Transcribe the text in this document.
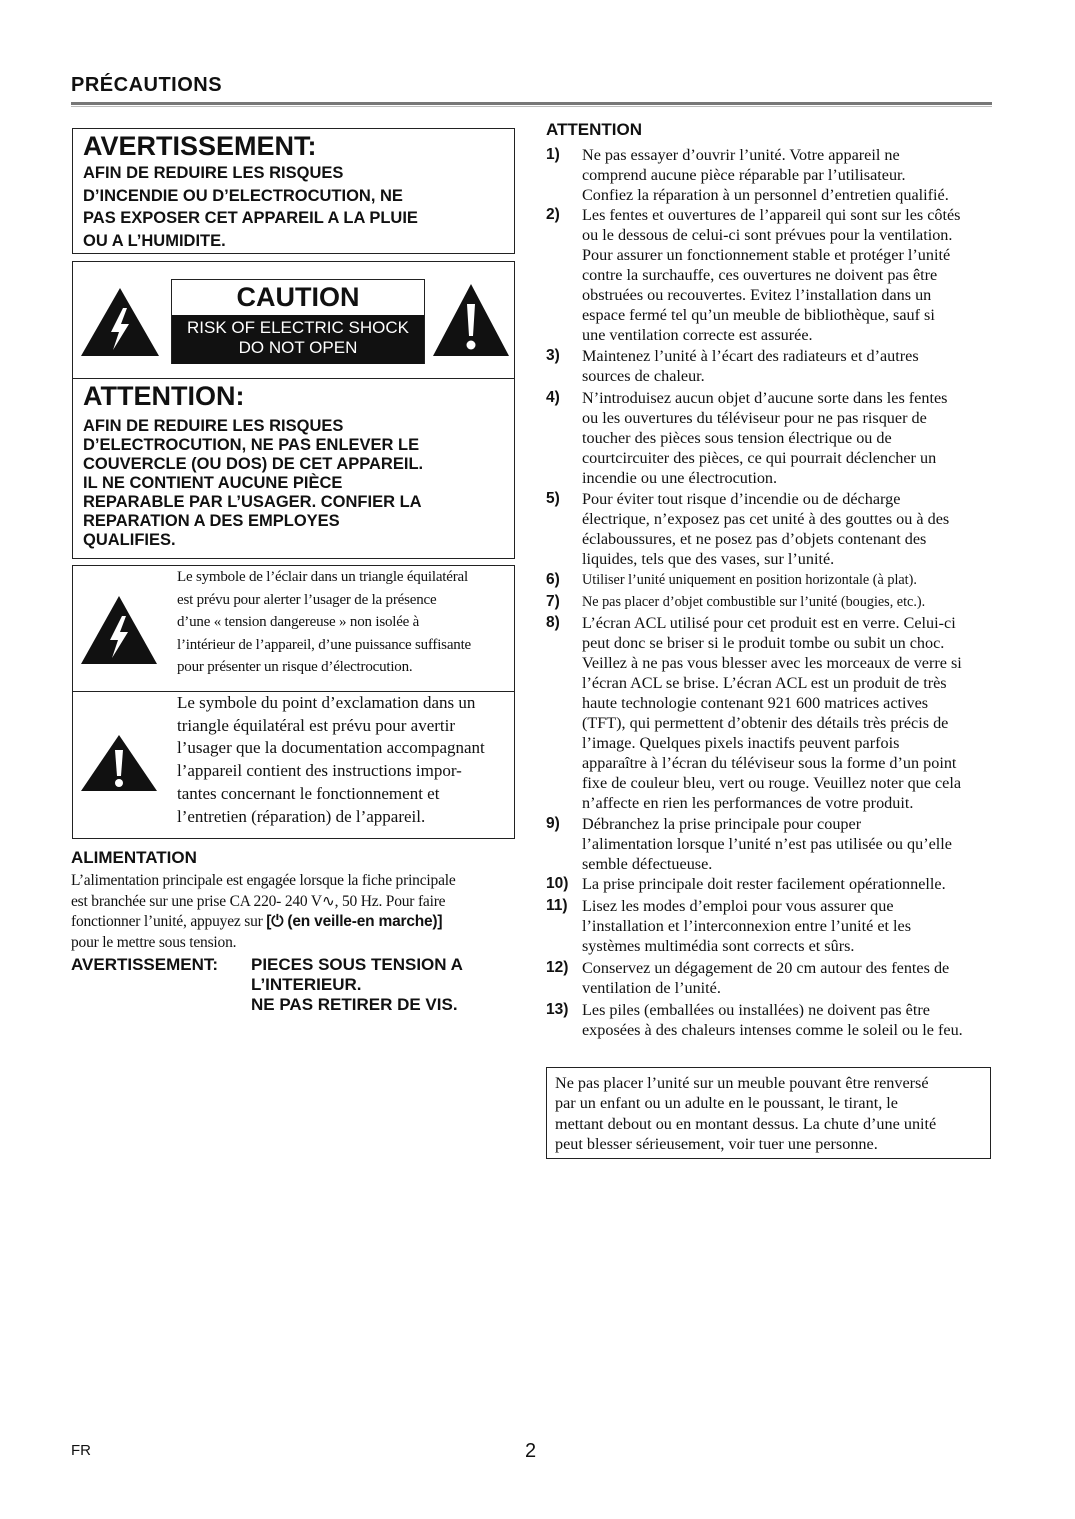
PRÉCAUTIONS
AVERTISSEMENT:
AFIN DE REDUIRE LES RISQUES
D’INCENDIE OU D’ELECTROCUTION, NE
PAS EXPOSER CET APPAREIL A LA PLUIE
OU A L’HUMIDITE.
CAUTION
RISK OF ELECTRIC SHOCK
DO NOT OPEN
ATTENTION:
AFIN DE REDUIRE LES RISQUES
D’ELECTROCUTION, NE PAS ENLEVER LE
COUVERCLE (OU DOS) DE CET APPAREIL.
IL NE CONTIENT AUCUNE PIÈCE
REPARABLE PAR L’USAGER. CONFIER LA
REPARATION A DES EMPLOYES
QUALIFIES.
Le symbole de l’éclair dans un triangle équilatéral
est prévu pour alerter l’usager de la présence
d’une « tension dangereuse » non isolée à
l’intérieur de l’appareil, d’une puissance suffisante
pour présenter un risque d’électrocution.
Le symbole du point d’exclamation dans un
triangle équilatéral est prévu pour avertir
l’usager que la documentation accompagnant
l’appareil contient des instructions impor-
tantes concernant le fonctionnement et
l’entretien (réparation) de l’appareil.
ALIMENTATION
L’alimentation principale est engagée lorsque la fiche principale
est branchée sur une prise CA 220- 240 V∿, 50 Hz. Pour faire
fonctionner l’unité, appuyez sur [⏻ (en veille-en marche)]
pour le mettre sous tension.
AVERTISSEMENT: PIECES SOUS TENSION A
L’INTERIEUR.
NE PAS RETIRER DE VIS.
ATTENTION
1) Ne pas essayer d’ouvrir l’unité. Votre appareil ne
comprend aucune pièce réparable par l’utilisateur.
Confiez la réparation à un personnel d’entretien qualifié.
2) Les fentes et ouvertures de l’appareil qui sont sur les côtés
ou le dessous de celui-ci sont prévues pour la ventilation.
Pour assurer un fonctionnement stable et protéger l’unité
contre la surchauffe, ces ouvertures ne doivent pas être
obstruées ou recouvertes. Evitez l’installation dans un
espace fermé tel qu’un meuble de bibliothèque, sauf si
une ventilation correcte est assurée.
3) Maintenez l’unité à l’écart des radiateurs et d’autres
sources de chaleur.
4) N’introduisez aucun objet d’aucune sorte dans les fentes
ou les ouvertures du téléviseur pour ne pas risquer de
toucher des pièces sous tension électrique ou de
courtcircuiter des pièces, ce qui pourrait déclencher un
incendie ou une électrocution.
5) Pour éviter tout risque d’incendie ou de décharge
électrique, n’exposez pas cet unité à des gouttes ou à des
éclaboussures, et ne posez pas d’objets contenant des
liquides, tels que des vases, sur l’unité.
6) Utiliser l’unité uniquement en position horizontale (à plat).
7) Ne pas placer d’objet combustible sur l’unité (bougies, etc.).
8) L’écran ACL utilisé pour cet produit est en verre. Celui-ci
peut donc se briser si le produit tombe ou subit un choc.
Veillez à ne pas vous blesser avec les morceaux de verre si
l’écran ACL se brise. L’écran ACL est un produit de très
haute technologie contenant 921 600 matrices actives
(TFT), qui permettent d’obtenir des détails très précis de
l’image. Quelques pixels inactifs peuvent parfois
apparaître à l’écran du téléviseur sous la forme d’un point
fixe de couleur bleu, vert ou rouge. Veuillez noter que cela
n’affecte en rien les performances de votre produit.
9) Débranchez la prise principale pour couper
l’alimentation lorsque l’unité n’est pas utilisée ou qu’elle
semble défectueuse.
10) La prise principale doit rester facilement opérationnelle.
11) Lisez les modes d’emploi pour vous assurer que
l’installation et l’interconnexion entre l’unité et les
systèmes multimédia sont corrects et sûrs.
12) Conservez un dégagement de 20 cm autour des fentes de
ventilation de l’unité.
13) Les piles (emballées ou installées) ne doivent pas être
exposées à des chaleurs intenses comme le soleil ou le feu.
Ne pas placer l’unité sur un meuble pouvant être renversé
par un enfant ou un adulte en le poussant, le tirant, le
mettant debout ou en montant dessus. La chute d’une unité
peut blesser sérieusement, voir tuer une personne.
FR	2
